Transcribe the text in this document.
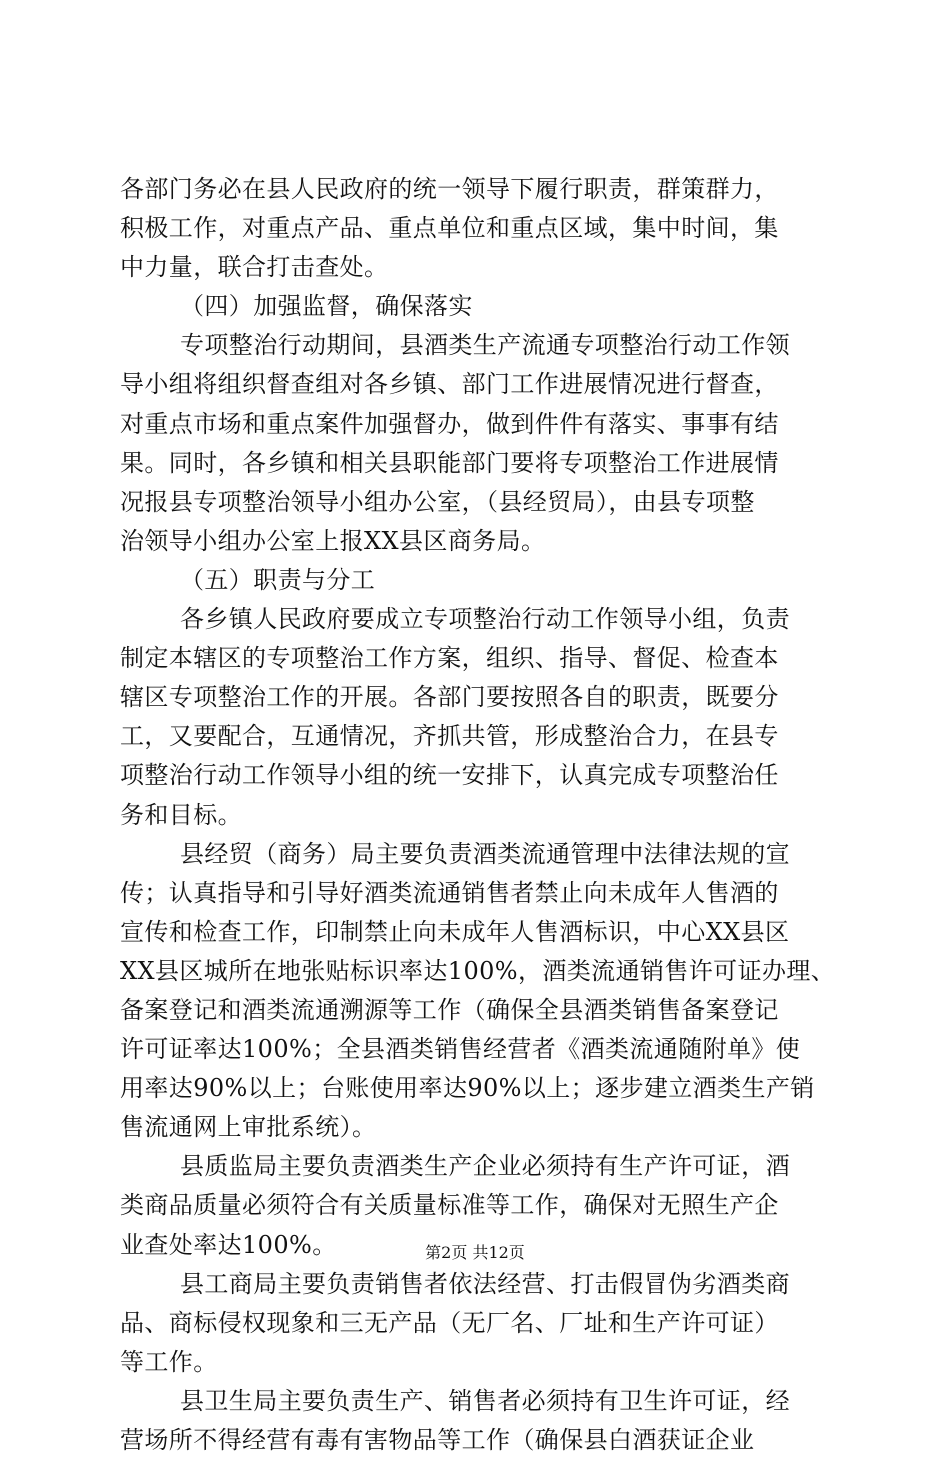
各部门务必在县人民政府的统一领导下履行职责，群策群力，
积极工作，对重点产品、重点单位和重点区域，集中时间，集
中力量，联合打击查处。
（四）加强监督，确保落实
专项整治行动期间，县酒类生产流通专项整治行动工作领
导小组将组织督查组对各乡镇、部门工作进展情况进行督查，
对重点市场和重点案件加强督办，做到件件有落实、事事有结
果。同时，各乡镇和相关县职能部门要将专项整治工作进展情
况报县专项整治领导小组办公室，（县经贸局），由县专项整
治领导小组办公室上报XX县区商务局。
（五）职责与分工
各乡镇人民政府要成立专项整治行动工作领导小组，负责
制定本辖区的专项整治工作方案，组织、指导、督促、检查本
辖区专项整治工作的开展。各部门要按照各自的职责，既要分
工，又要配合，互通情况，齐抓共管，形成整治合力，在县专
项整治行动工作领导小组的统一安排下，认真完成专项整治任
务和目标。
县经贸（商务）局主要负责酒类流通管理中法律法规的宣
传；认真指导和引导好酒类流通销售者禁止向未成年人售酒的
宣传和检查工作，印制禁止向未成年人售酒标识，中心XX县区
XX县区城所在地张贴标识率达100%，酒类流通销售许可证办理、
备案登记和酒类流通溯源等工作（确保全县酒类销售备案登记
许可证率达100%；全县酒类销售经营者《酒类流通随附单》使
用率达90%以上；台账使用率达90%以上；逐步建立酒类生产销
售流通网上审批系统）。
县质监局主要负责酒类生产企业必须持有生产许可证，酒
类商品质量必须符合有关质量标准等工作，确保对无照生产企
业查处率达100%。
县工商局主要负责销售者依法经营、打击假冒伪劣酒类商
品、商标侵权现象和三无产品（无厂名、厂址和生产许可证）
等工作。
县卫生局主要负责生产、销售者必须持有卫生许可证，经
营场所不得经营有毒有害物品等工作（确保县白酒获证企业
第2页 共12页
